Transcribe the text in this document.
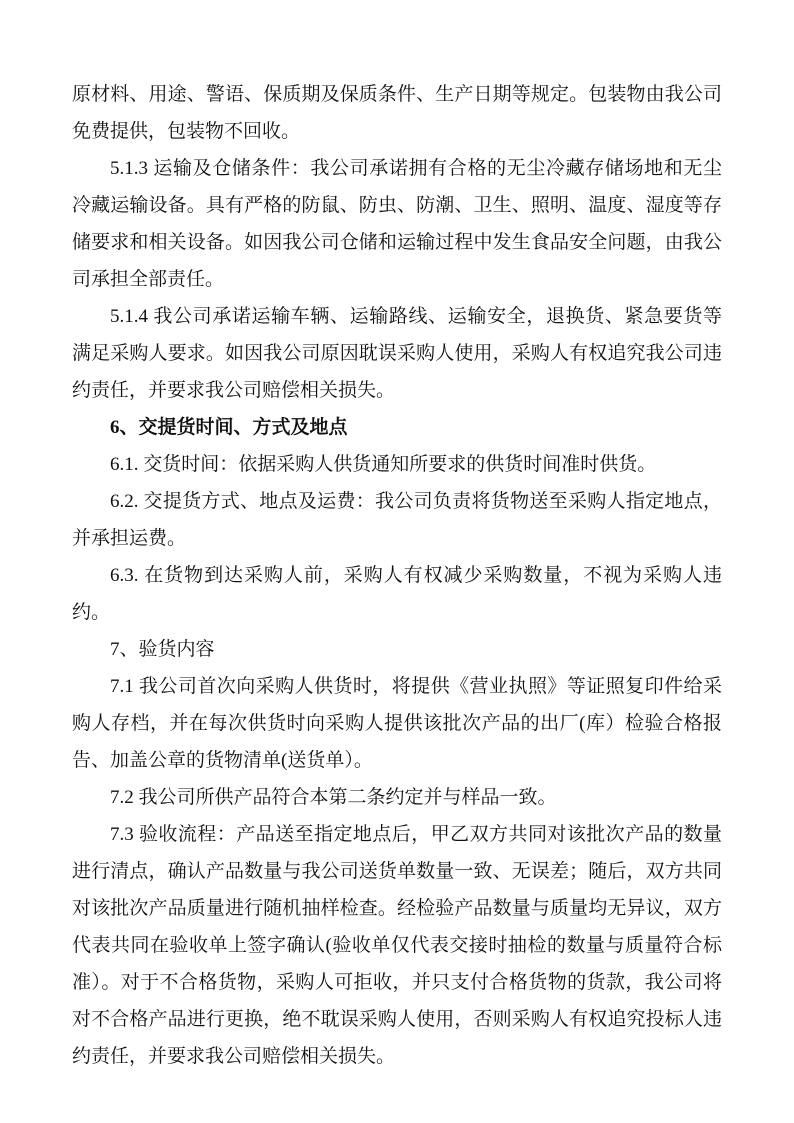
原材料、用途、警语、保质期及保质条件、生产日期等规定。包装物由我公司免费提供，包装物不回收。

5.1.3 运输及仓储条件：我公司承诺拥有合格的无尘冷藏存储场地和无尘冷藏运输设备。具有严格的防鼠、防虫、防潮、卫生、照明、温度、湿度等存储要求和相关设备。如因我公司仓储和运输过程中发生食品安全问题，由我公司承担全部责任。

5.1.4 我公司承诺运输车辆、运输路线、运输安全，退换货、紧急要货等满足采购人要求。如因我公司原因耽误采购人使用，采购人有权追究我公司违约责任，并要求我公司赔偿相关损失。

6、交提货时间、方式及地点

6.1. 交货时间：依据采购人供货通知所要求的供货时间准时供货。

6.2. 交提货方式、地点及运费：我公司负责将货物送至采购人指定地点，并承担运费。

6.3. 在货物到达采购人前，采购人有权减少采购数量，不视为采购人违约。

7、验货内容

7.1 我公司首次向采购人供货时，将提供《营业执照》等证照复印件给采购人存档，并在每次供货时向采购人提供该批次产品的出厂(库）检验合格报告、加盖公章的货物清单(送货单）。

7.2 我公司所供产品符合本第二条约定并与样品一致。

7.3 验收流程：产品送至指定地点后，甲乙双方共同对该批次产品的数量进行清点，确认产品数量与我公司送货单数量一致、无误差；随后，双方共同对该批次产品质量进行随机抽样检查。经检验产品数量与质量均无异议，双方代表共同在验收单上签字确认(验收单仅代表交接时抽检的数量与质量符合标准）。对于不合格货物，采购人可拒收，并只支付合格货物的货款，我公司将对不合格产品进行更换，绝不耽误采购人使用，否则采购人有权追究投标人违约责任，并要求我公司赔偿相关损失。
